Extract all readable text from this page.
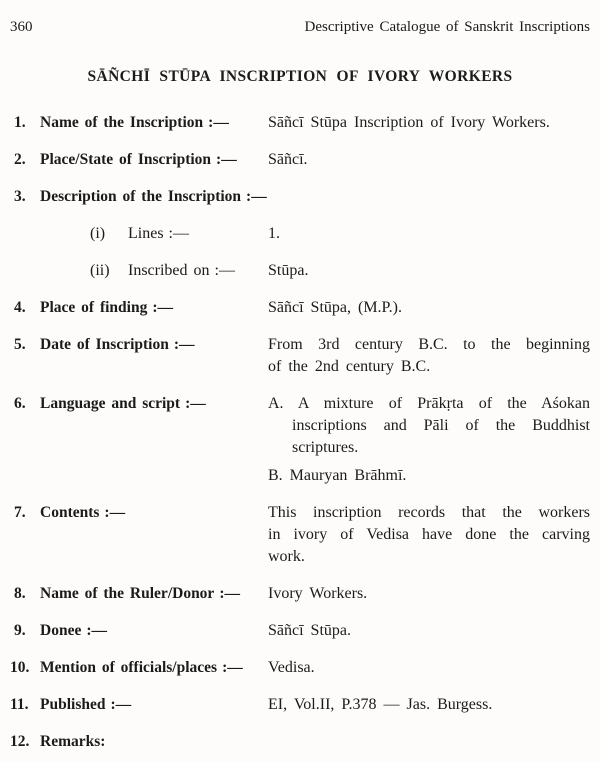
360	Descriptive Catalogue of Sanskrit Inscriptions
SĀÑCHĪ STŪPA INSCRIPTION OF IVORY WORKERS
1. Name of the Inscription :—	Sāñcī Stūpa Inscription of Ivory Workers.
2. Place/State of Inscription :—	Sāñcī.
3. Description of the Inscription :—
(i)	Lines :—	1.
(ii)	Inscribed on :—	Stūpa.
4. Place of finding :—	Sāñcī Stūpa, (M.P.).
5. Date of Inscription :—	From 3rd century B.C. to the beginning
of the 2nd century B.C.
6. Language and script :—	A. A mixture of Prākṛta of the Aśokan
inscriptions and Pāli of the Buddhist
scriptures.
B. Mauryan Brāhmī.
7. Contents :—	This inscription records that the workers
in ivory of Vedisa have done the carving
work.
8. Name of the Ruler/Donor :—	Ivory Workers.
9. Donee :—	Sāñcī Stūpa.
10. Mention of officials/places :—	Vedisa.
11. Published :—	EI, Vol.II, P.378 — Jas. Burgess.
12. Remarks:
